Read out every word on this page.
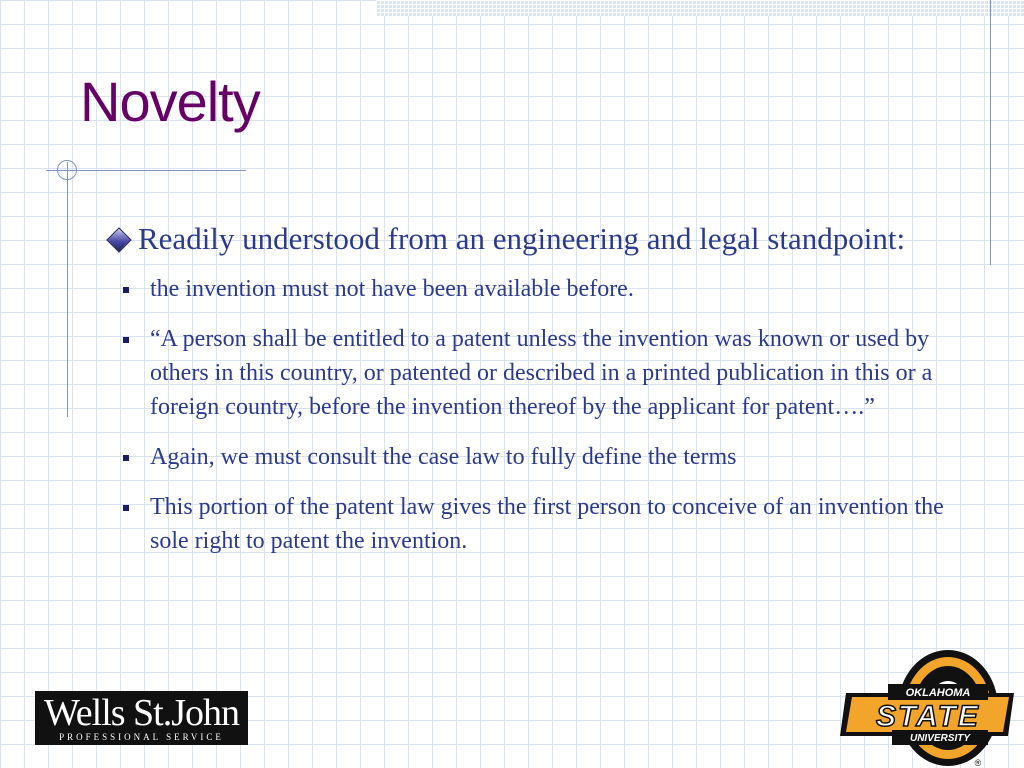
Novelty

Readily understood from an engineering and legal standpoint:

the invention must not have been available before.
“A person shall be entitled to a patent unless the invention was known or used by others in this country, or patented or described in a printed publication in this or a foreign country, before the invention thereof by the applicant for patent….”
Again, we must consult the case law to fully define the terms
This portion of the patent law gives the first person to conceive of an invention the sole right to patent the invention.
Wells St.John
PROFESSIONAL SERVICE
OKLAHOMA
STATE
UNIVERSITY
®
